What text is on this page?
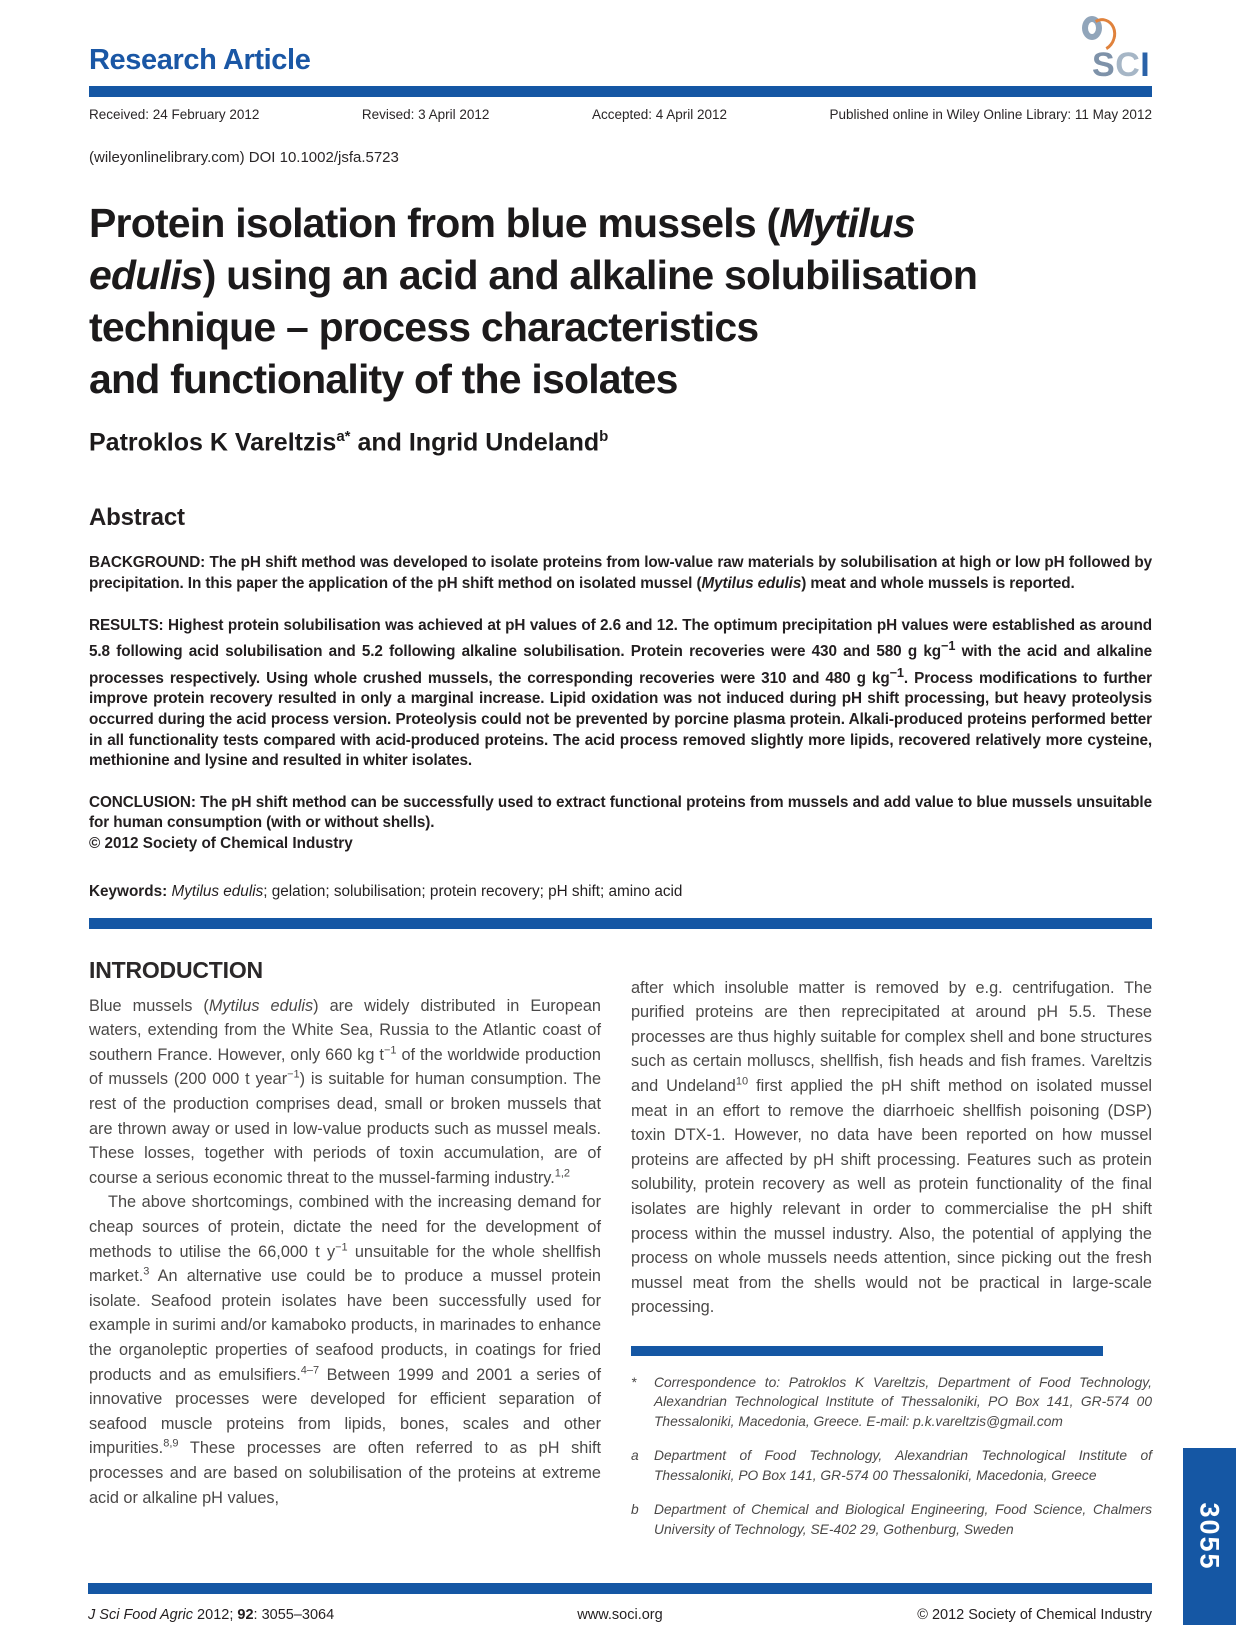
Research Article	SCI
Received: 24 February 2012	Revised: 3 April 2012	Accepted: 4 April 2012	Published online in Wiley Online Library: 11 May 2012
(wileyonlinelibrary.com) DOI 10.1002/jsfa.5723
Protein isolation from blue mussels (Mytilus
edulis) using an acid and alkaline solubilisation
technique – process characteristics
and functionality of the isolates
Patroklos K Vareltzis$^{a*}$ and Ingrid Undeland$^b$
Abstract

BACKGROUND: The pH shift method was developed to isolate proteins from low-value raw materials by solubilisation at high or low pH followed by precipitation. In this paper the application of the pH shift method on isolated mussel (Mytilus edulis) meat and whole mussels is reported.

RESULTS: Highest protein solubilisation was achieved at pH values of 2.6 and 12. The optimum precipitation pH values were established as around 5.8 following acid solubilisation and 5.2 following alkaline solubilisation. Protein recoveries were 430 and 580 g $kg^{-1}$ with the acid and alkaline processes respectively. Using whole crushed mussels, the corresponding recoveries were 310 and 480 g $kg^{-1}$. Process modifications to further improve protein recovery resulted in only a marginal increase. Lipid oxidation was not induced during pH shift processing, but heavy proteolysis occurred during the acid process version. Proteolysis could not be prevented by porcine plasma protein. Alkali-produced proteins performed better in all functionality tests compared with acid-produced proteins. The acid process removed slightly more lipids, recovered relatively more cysteine, methionine and lysine and resulted in whiter isolates.

CONCLUSION: The pH shift method can be successfully used to extract functional proteins from mussels and add value to blue mussels unsuitable for human consumption (with or without shells).

© 2012 Society of Chemical Industry
Keywords: Mytilus edulis; gelation; solubilisation; protein recovery; pH shift; amino acid
INTRODUCTION

Blue mussels (Mytilus edulis) are widely distributed in European waters, extending from the White Sea, Russia to the Atlantic coast of southern France. However, only 660 kg $t^{-1}$ of the worldwide production of mussels (200 000 t year$^{-1}$) is suitable for human consumption. The rest of the production comprises dead, small or broken mussels that are thrown away or used in low-value products such as mussel meals. These losses, together with periods of toxin accumulation, are of course a serious economic threat to the mussel-farming industry.$^{1,2}$

The above shortcomings, combined with the increasing demand for cheap sources of protein, dictate the need for the development of methods to utilise the 66,000 t $y^{-1}$ unsuitable for the whole shellfish market.$^3$ An alternative use could be to produce a mussel protein isolate. Seafood protein isolates have been successfully used for example in surimi and/or kamaboko products, in marinades to enhance the organoleptic properties of seafood products, in coatings for fried products and as emulsifiers.$^{4-7}$ Between 1999 and 2001 a series of innovative processes were developed for efficient separation of seafood muscle proteins from lipids, bones, scales and other impurities.$^{8,9}$ These processes are often referred to as pH shift processes and are based on solubilisation of the proteins at extreme acid or alkaline pH values,

after which insoluble matter is removed by e.g. centrifugation. The purified proteins are then reprecipitated at around pH 5.5. These processes are thus highly suitable for complex shell and bone structures such as certain molluscs, shellfish, fish heads and fish frames. Vareltzis and Undeland$^{10}$ first applied the pH shift method on isolated mussel meat in an effort to remove the diarrhoeic shellfish poisoning (DSP) toxin DTX-1. However, no data have been reported on how mussel proteins are affected by pH shift processing. Features such as protein solubility, protein recovery as well as protein functionality of the final isolates are highly relevant in order to commercialise the pH shift process within the mussel industry. Also, the potential of applying the process on whole mussels needs attention, since picking out the fresh mussel meat from the shells would not be practical in large-scale processing.

*	Correspondence to: Patroklos K Vareltzis, Department of Food Technology, Alexandrian Technological Institute of Thessaloniki, PO Box 141, GR-574 00 Thessaloniki, Macedonia, Greece. E-mail: p.k.vareltzis@gmail.com
a	Department of Food Technology, Alexandrian Technological Institute of Thessaloniki, PO Box 141, GR-574 00 Thessaloniki, Macedonia, Greece
b	Department of Chemical and Biological Engineering, Food Science, Chalmers University of Technology, SE-402 29, Gothenburg, Sweden
J Sci Food Agric 2012; 92: 3055–3064	www.soci.org	© 2012 Society of Chemical Industry
3055
